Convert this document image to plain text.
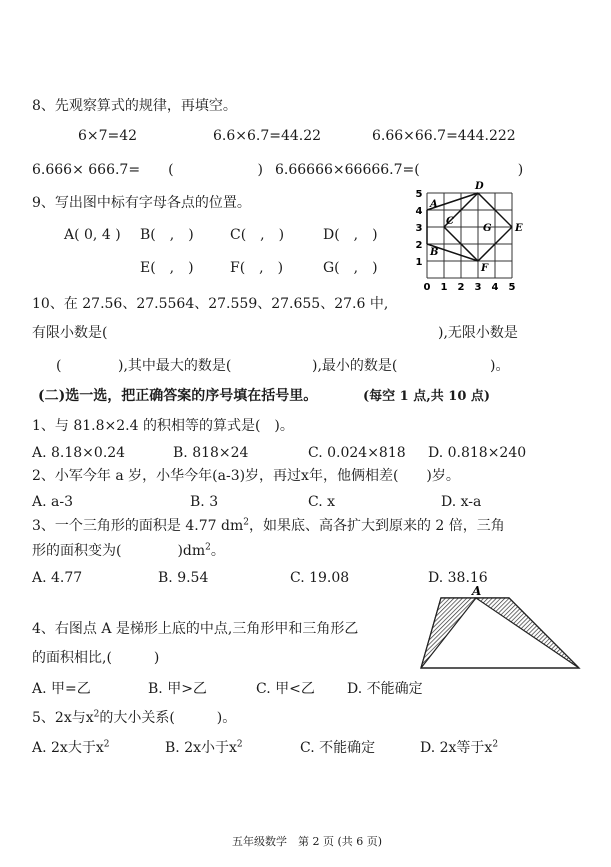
8、先观察算式的规律，再填空。
6×7=42	6.6×6.7=44.22	6.66×66.7=444.222
6.666× 666.7=　　(　　　　　　) 6.66666×66666.7=(　　　　　　　)
9、写出图中标有字母各点的位置。
A( 0, 4 ) B(　,　)	C(　,　)	D(　,　)
E(　,　)	F(　,　)	G(　,　)
0 1 2 3 4 5
1
2
3
4
5
A
B
C
D
E
F
G
10、在 27.56、27.5564、27.559、27.655、27.6 中,
有限小数是(	),无限小数是
(	),其中最大的数是(	),最小的数是(	)。
(二)选一选，把正确答案的序号填在括号里。	(每空 1 点,共 10 点)
1、与 81.8×2.4 的积相等的算式是(　)。
A. 8.18×0.24	B. 818×24	C. 0.024×818 D. 0.818×240
2、小军今年 a 岁，小华今年(a-3)岁，再过x年，他俩相差(　　)岁。
A. a-3	B. 3	C. x	D. x-a
3、一个三角形的面积是 4.77 $dm^2$，如果底、高各扩大到原来的 2 倍，三角
形的面积变为(　　　　)$dm^2$。
A. 4.77	B. 9.54	C. 19.08	D. 38.16
4、右图点 A 是梯形上底的中点,三角形甲和三角形乙
的面积相比,(　　　)
A. 甲=乙	B. 甲>乙	C. 甲<乙 D. 不能确定
A
5、2x与$x^2$的大小关系(　　　)。
A. 2x大于$x^2$	B. 2x小于$x^2$	C. 不能确定	D. 2x等于$x^2$
五年级数学　第 2 页 (共 6 页)
